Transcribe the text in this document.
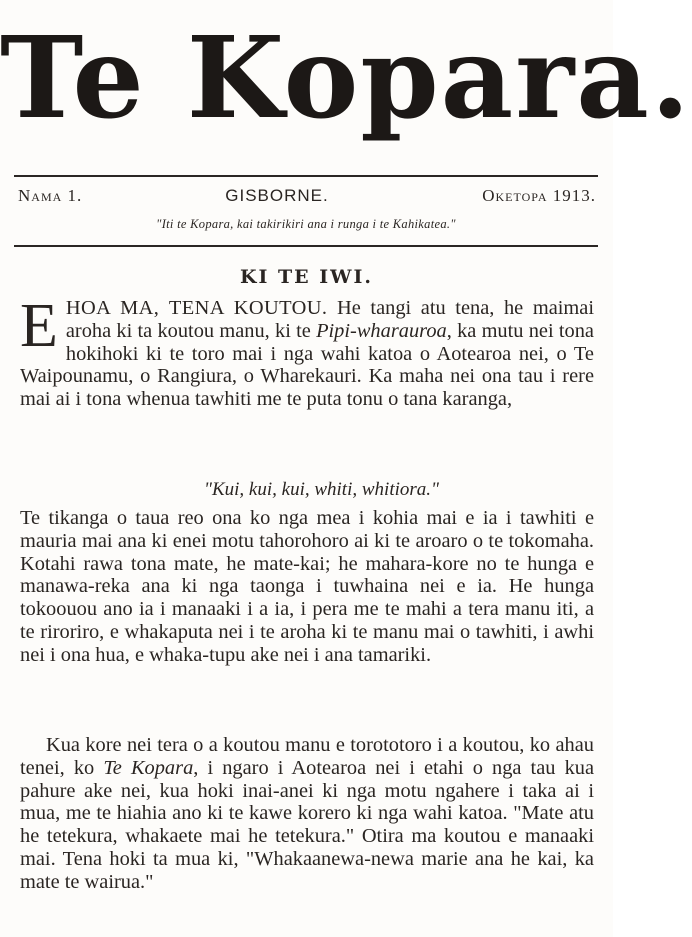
Te Kopara.
Nama 1.	GISBORNE.	Oketopa 1913.
"Iti te Kopara, kai takirikiri ana i runga i te Kahikatea."
KI TE IWI.
EHOA MA, TENA KOUTOU. He tangi atu tena, he maimai aroha ki ta koutou manu, ki te Pipi-wharauroa, ka mutu nei tona hokihoki ki te toro mai i nga wahi katoa o Aotearoa nei, o Te Waipounamu, o Rangiura, o Wharekauri. Ka maha nei ona tau i rere mai ai i tona whenua tawhiti me te puta tonu o tana karanga,
"Kui, kui, kui, whiti, whitiora."
Te tikanga o taua reo ona ko nga mea i kohia mai e ia i tawhiti e mauria mai ana ki enei motu tahorohoro ai ki te aroaro o te tokomaha. Kotahi rawa tona mate, he mate-kai; he mahara-kore no te hunga e manawa-reka ana ki nga taonga i tuwhaina nei e ia. He hunga tokoouou ano ia i manaaki i a ia, i pera me te mahi a tera manu iti, a te riroriro, e whakaputa nei i te aroha ki te manu mai o tawhiti, i awhi nei i ona hua, e whaka-tupu ake nei i ana tamariki.
Kua kore nei tera o a koutou manu e torototoro i a koutou, ko ahau tenei, ko Te Kopara, i ngaro i Aotearoa nei i etahi o nga tau kua pahure ake nei, kua hoki inai-anei ki nga motu ngahere i taka ai i mua, me te hiahia ano ki te kawe korero ki nga wahi katoa. "Mate atu he tetekura, whakaete mai he tetekura." Otira ma koutou e manaaki mai. Tena hoki ta mua ki, "Whakaanewa-newa marie ana he kai, ka mate te wairua."
